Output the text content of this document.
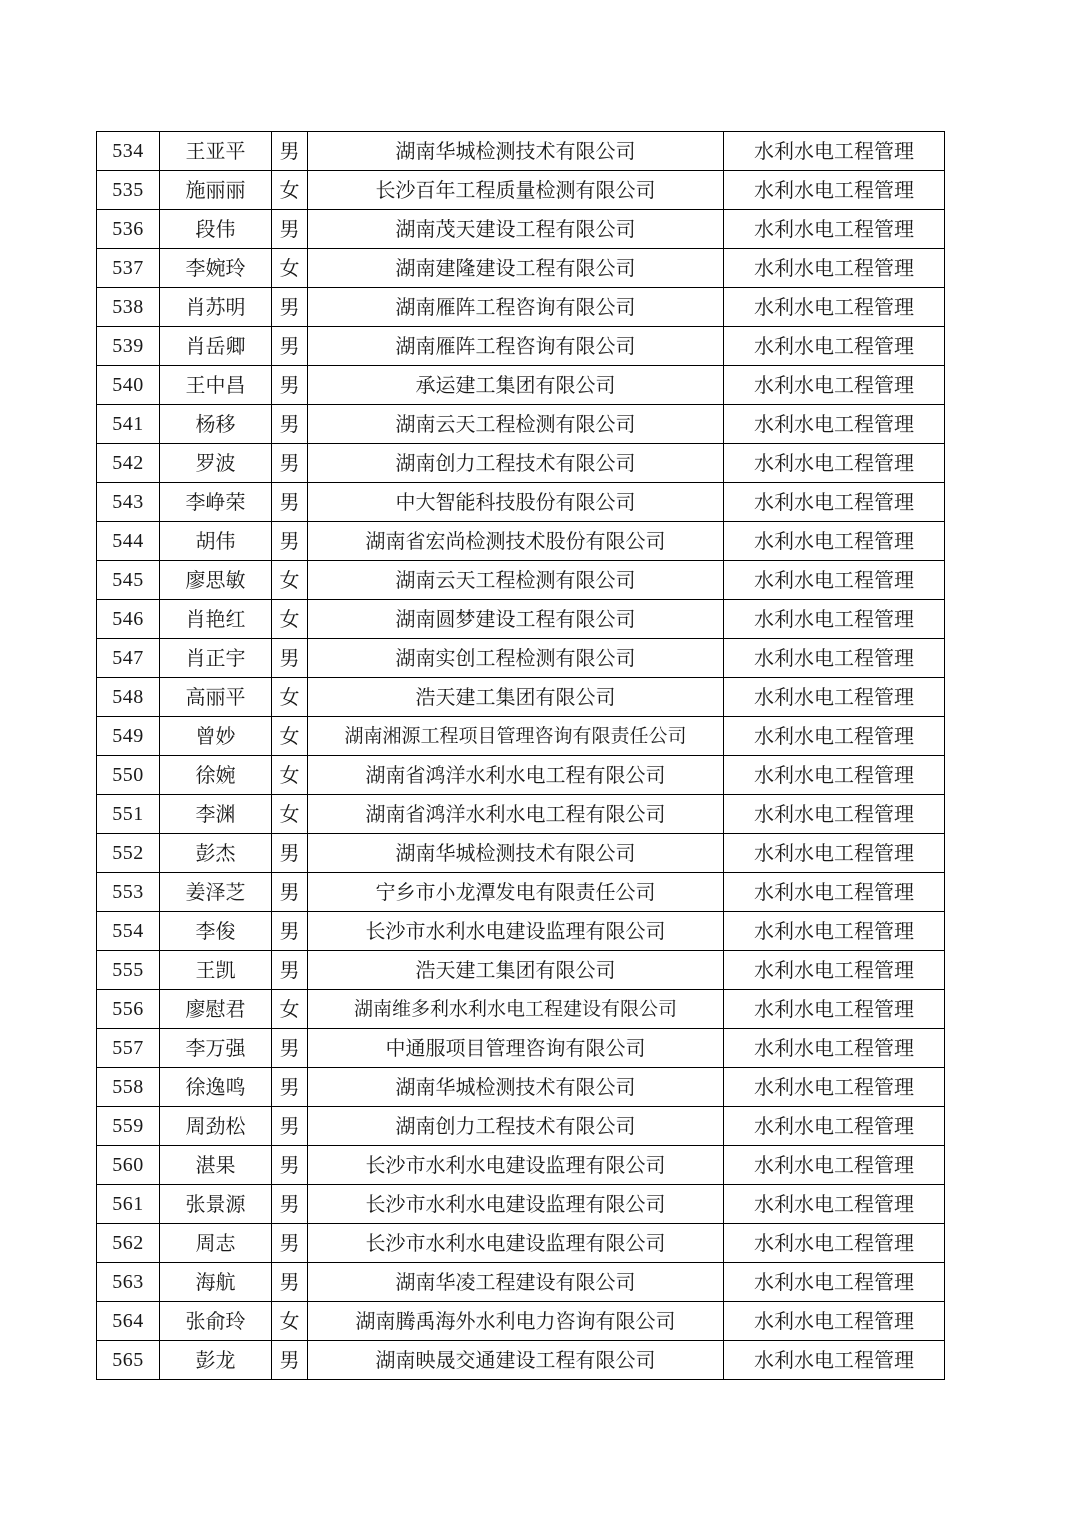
534	王亚平	男	湖南华城检测技术有限公司	水利水电工程管理
535	施丽丽	女	长沙百年工程质量检测有限公司	水利水电工程管理
536	段伟	男	湖南茂天建设工程有限公司	水利水电工程管理
537	李婉玲	女	湖南建隆建设工程有限公司	水利水电工程管理
538	肖苏明	男	湖南雁阵工程咨询有限公司	水利水电工程管理
539	肖岳卿	男	湖南雁阵工程咨询有限公司	水利水电工程管理
540	王中昌	男	承运建工集团有限公司	水利水电工程管理
541	杨移	男	湖南云天工程检测有限公司	水利水电工程管理
542	罗波	男	湖南创力工程技术有限公司	水利水电工程管理
543	李峥荣	男	中大智能科技股份有限公司	水利水电工程管理
544	胡伟	男	湖南省宏尚检测技术股份有限公司	水利水电工程管理
545	廖思敏	女	湖南云天工程检测有限公司	水利水电工程管理
546	肖艳红	女	湖南圆梦建设工程有限公司	水利水电工程管理
547	肖正宇	男	湖南实创工程检测有限公司	水利水电工程管理
548	高丽平	女	浩天建工集团有限公司	水利水电工程管理
549	曾妙	女	湖南湘源工程项目管理咨询有限责任公司	水利水电工程管理
550	徐婉	女	湖南省鸿洋水利水电工程有限公司	水利水电工程管理
551	李渊	女	湖南省鸿洋水利水电工程有限公司	水利水电工程管理
552	彭杰	男	湖南华城检测技术有限公司	水利水电工程管理
553	姜泽芝	男	宁乡市小龙潭发电有限责任公司	水利水电工程管理
554	李俊	男	长沙市水利水电建设监理有限公司	水利水电工程管理
555	王凯	男	浩天建工集团有限公司	水利水电工程管理
556	廖慰君	女	湖南维多利水利水电工程建设有限公司	水利水电工程管理
557	李万强	男	中通服项目管理咨询有限公司	水利水电工程管理
558	徐逸鸣	男	湖南华城检测技术有限公司	水利水电工程管理
559	周劲松	男	湖南创力工程技术有限公司	水利水电工程管理
560	湛果	男	长沙市水利水电建设监理有限公司	水利水电工程管理
561	张景源	男	长沙市水利水电建设监理有限公司	水利水电工程管理
562	周志	男	长沙市水利水电建设监理有限公司	水利水电工程管理
563	海航	男	湖南华凌工程建设有限公司	水利水电工程管理
564	张俞玲	女	湖南腾禹海外水利电力咨询有限公司	水利水电工程管理
565	彭龙	男	湖南映晟交通建设工程有限公司	水利水电工程管理
